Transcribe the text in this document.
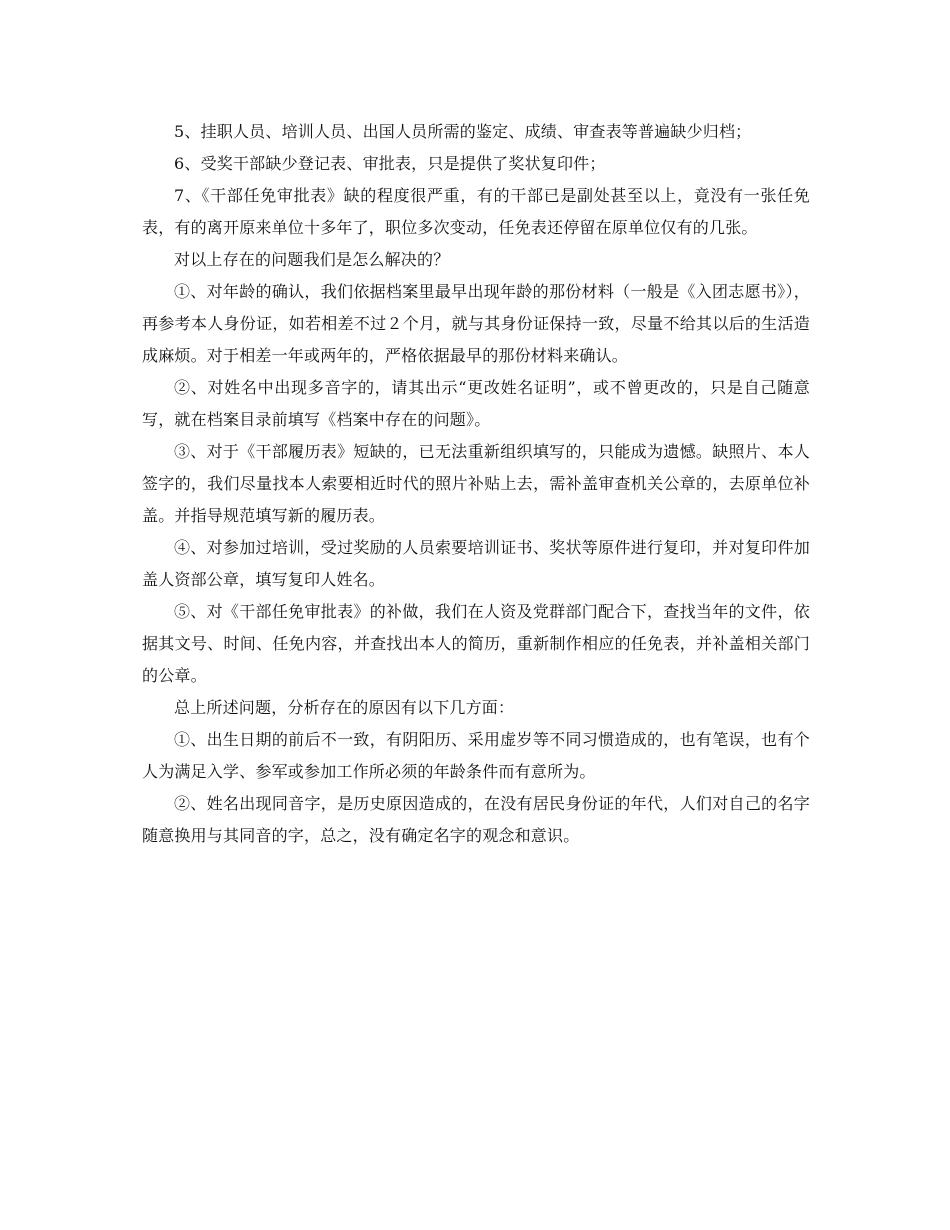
5、挂职人员、培训人员、出国人员所需的鉴定、成绩、审查表等普遍缺少归档；

6、受奖干部缺少登记表、审批表，只是提供了奖状复印件；

7、《干部任免审批表》缺的程度很严重，有的干部已是副处甚至以上，竟没有一张任免表，有的离开原来单位十多年了，职位多次变动，任免表还停留在原单位仅有的几张。

对以上存在的问题我们是怎么解决的？

①、对年龄的确认，我们依据档案里最早出现年龄的那份材料（一般是《入团志愿书》），再参考本人身份证，如若相差不过２个月，就与其身份证保持一致，尽量不给其以后的生活造成麻烦。对于相差一年或两年的，严格依据最早的那份材料来确认。

②、对姓名中出现多音字的，请其出示“更改姓名证明”，或不曾更改的，只是自己随意写，就在档案目录前填写《档案中存在的问题》。

③、对于《干部履历表》短缺的，已无法重新组织填写的，只能成为遗憾。缺照片、本人签字的，我们尽量找本人索要相近时代的照片补贴上去，需补盖审查机关公章的，去原单位补盖。并指导规范填写新的履历表。

④、对参加过培训，受过奖励的人员索要培训证书、奖状等原件进行复印，并对复印件加盖人资部公章，填写复印人姓名。

⑤、对《干部任免审批表》的补做，我们在人资及党群部门配合下，查找当年的文件，依据其文号、时间、任免内容，并查找出本人的简历，重新制作相应的任免表，并补盖相关部门的公章。

总上所述问题，分析存在的原因有以下几方面：

①、出生日期的前后不一致，有阴阳历、采用虚岁等不同习惯造成的，也有笔误，也有个人为满足入学、参军或参加工作所必须的年龄条件而有意所为。

②、姓名出现同音字，是历史原因造成的，在没有居民身份证的年代，人们对自己的名字随意换用与其同音的字，总之，没有确定名字的观念和意识。
